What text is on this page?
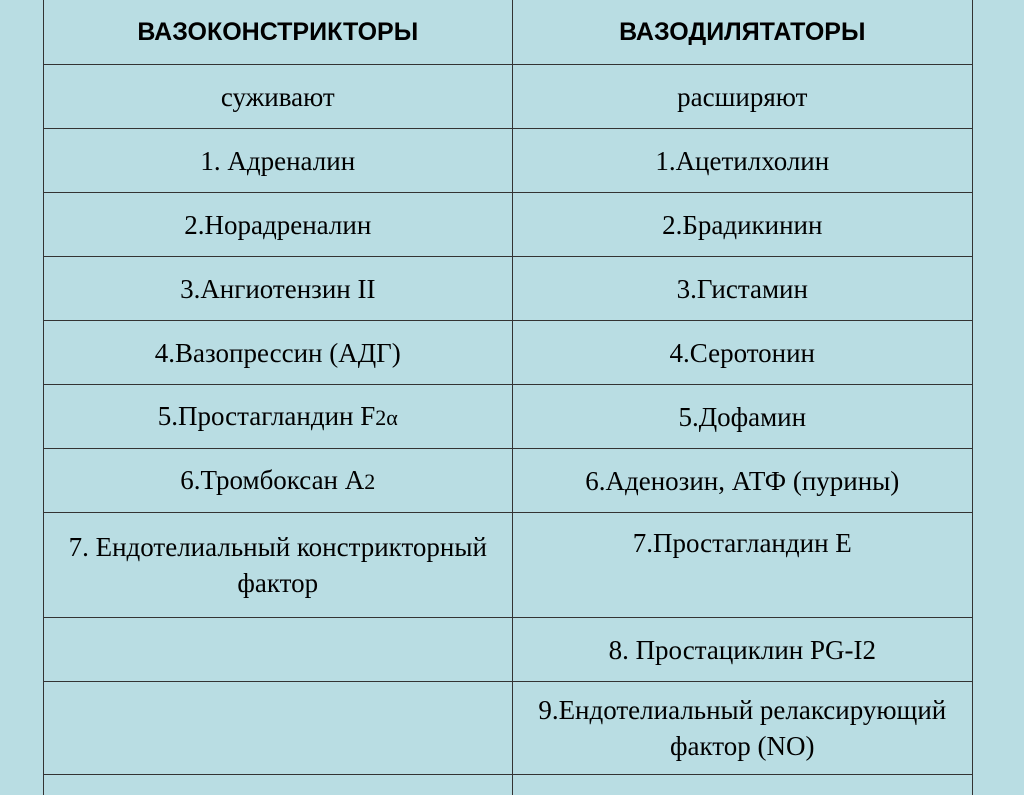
ВАЗОКОНСТРИКТОРЫ	ВАЗОДИЛЯТАТОРЫ
суживают	расширяют
1. Адреналин	1.Ацетилхолин
2.Норадреналин	2.Брадикинин
3.Ангиотензин II	3.Гистамин
4.Вазопрессин (АДГ)	4.Серотонин
5.Простагландин F2α	5.Дофамин
6.Тромбоксан А2	6.Аденозин, АТФ (пурины)
7. Ендотелиальный констрикторный фактор	7.Простагландин Е
	8. Простациклин PG-I2
	9.Ендотелиальный релаксирующий фактор (NO)
